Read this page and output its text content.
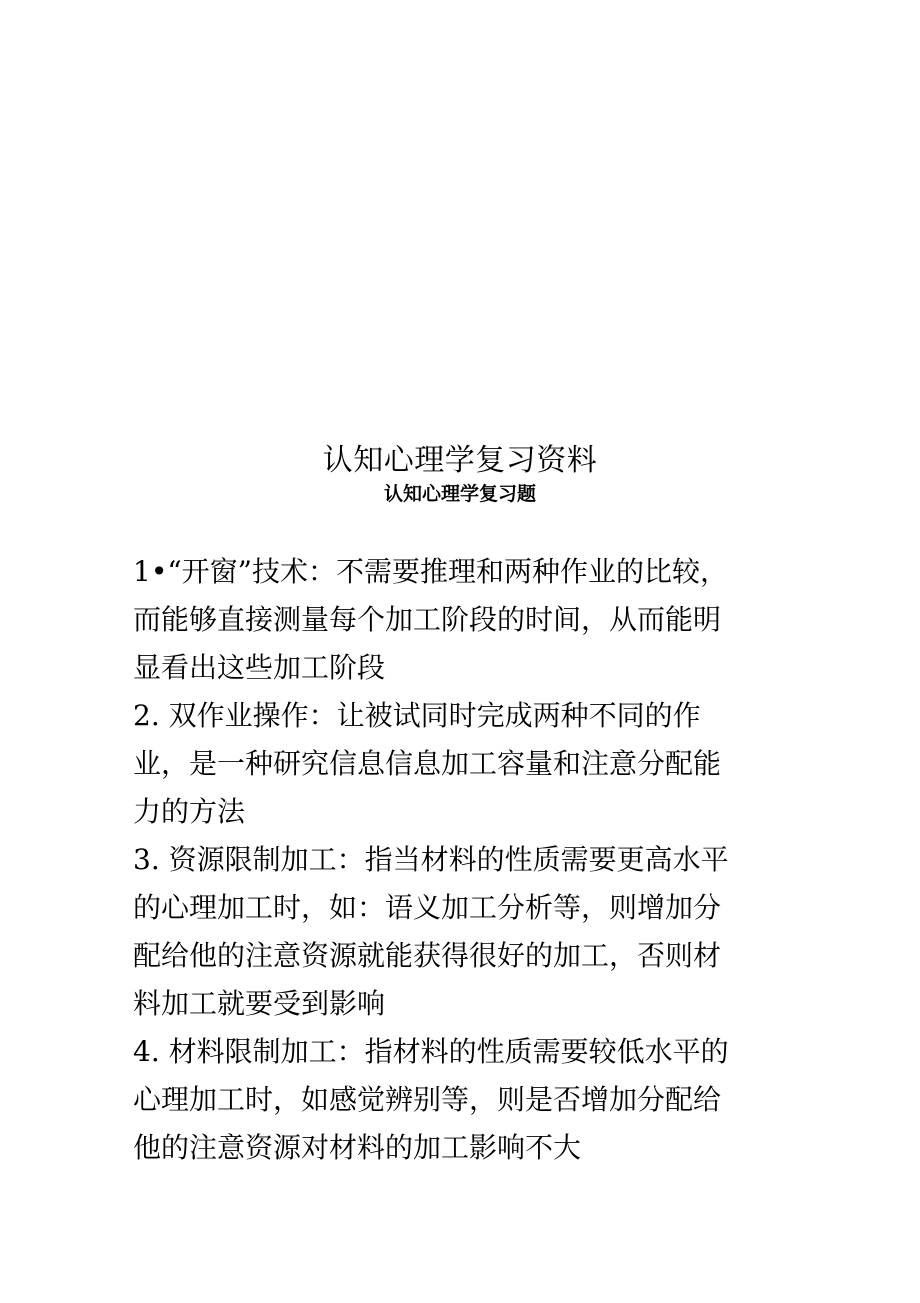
认知心理学复习资料
认知心理学复习题

1•“开窗”技术：不需要推理和两种作业的比较，
而能够直接测量每个加工阶段的时间，从而能明
显看出这些加工阶段

2. 双作业操作：让被试同时完成两种不同的作
业，是一种研究信息信息加工容量和注意分配能
力的方法

3. 资源限制加工：指当材料的性质需要更高水平
的心理加工时，如：语义加工分析等，则增加分
配给他的注意资源就能获得很好的加工，否则材
料加工就要受到影响

4. 材料限制加工：指材料的性质需要较低水平的
心理加工时，如感觉辨别等，则是否增加分配给
他的注意资源对材料的加工影响不大
